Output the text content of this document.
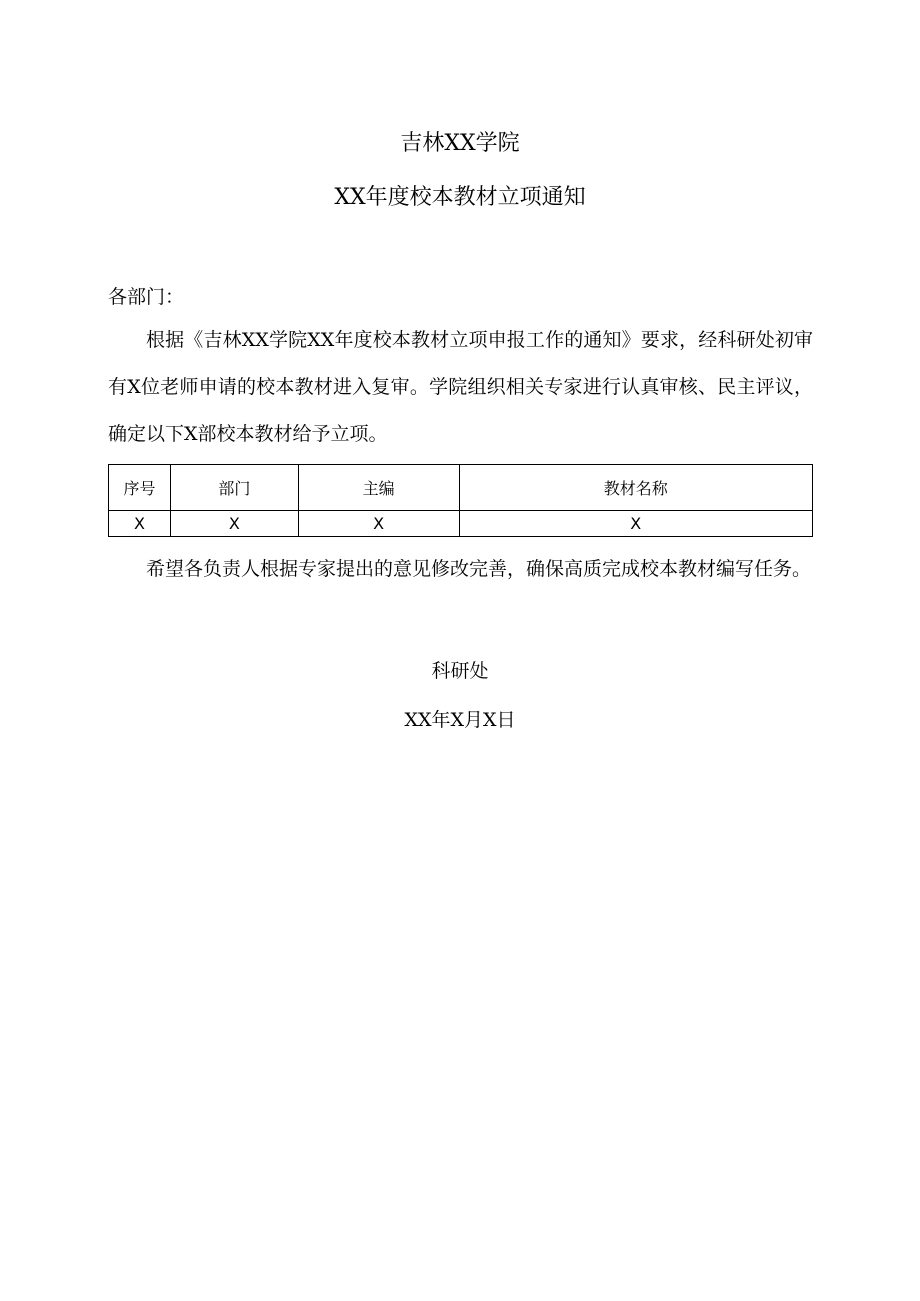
吉林XX学院
XX年度校本教材立项通知
各部门：
根据《吉林XX学院XX年度校本教材立项申报工作的通知》要求，经科研处初审有X位老师申请的校本教材进入复审。学院组织相关专家进行认真审核、民主评议，确定以下X部校本教材给予立项。
序号	部门	主编	教材名称
X	X	X	X
希望各负责人根据专家提出的意见修改完善，确保高质完成校本教材编写任务。
科研处
XX年X月X日
